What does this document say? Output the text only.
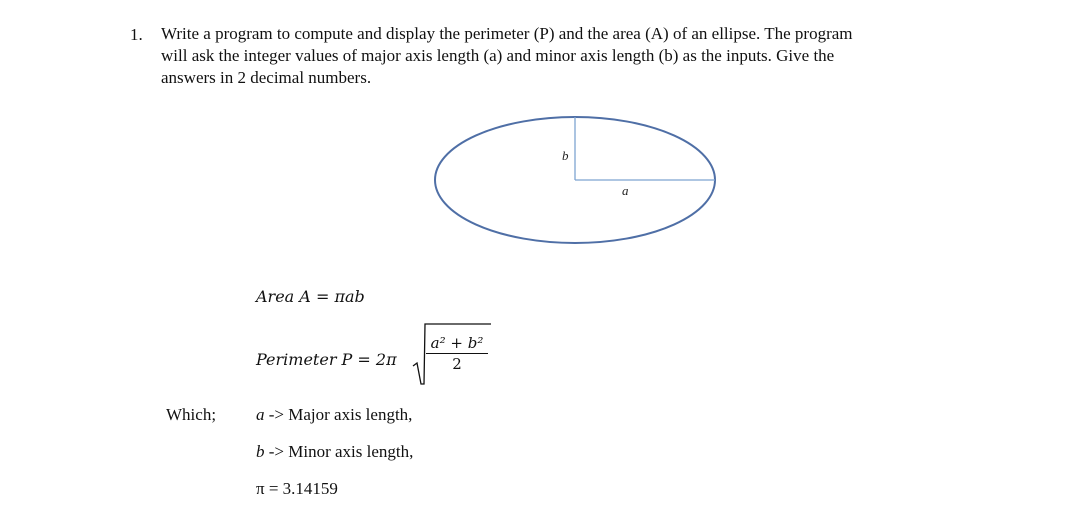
1. Write a program to compute and display the perimeter (P) and the area (A) of an ellipse. The program
will ask the integer values of major axis length (a) and minor axis length (b) as the inputs. Give the
answers in 2 decimal numbers.
b
a
Area A = πab
Perimeter P = 2π
a² + b²
2
Which; a -> Major axis length,
b -> Minor axis length,
π = 3.14159
